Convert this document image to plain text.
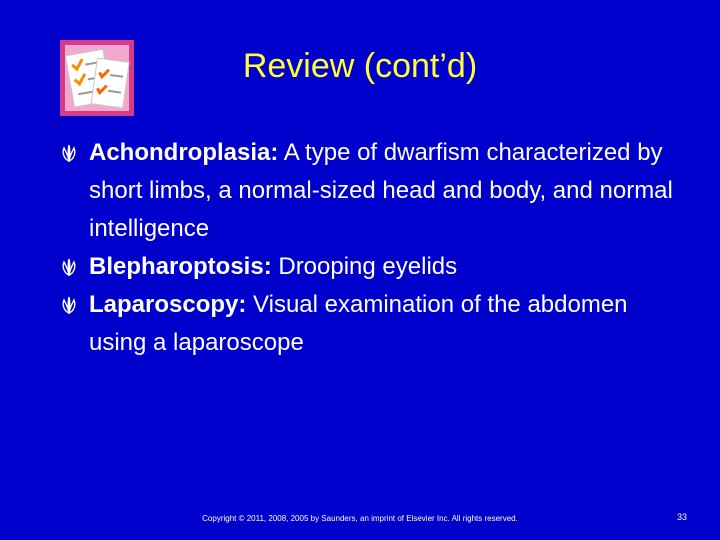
Review (cont’d)
Achondroplasia: A type of dwarfism characterized by short limbs, a normal-sized head and body, and normal intelligence
Blepharoptosis: Drooping eyelids
Laparoscopy: Visual examination of the abdomen using a laparoscope
Copyright © 2011, 2008, 2005 by Saunders, an imprint of Elsevier Inc. All rights reserved.	33
